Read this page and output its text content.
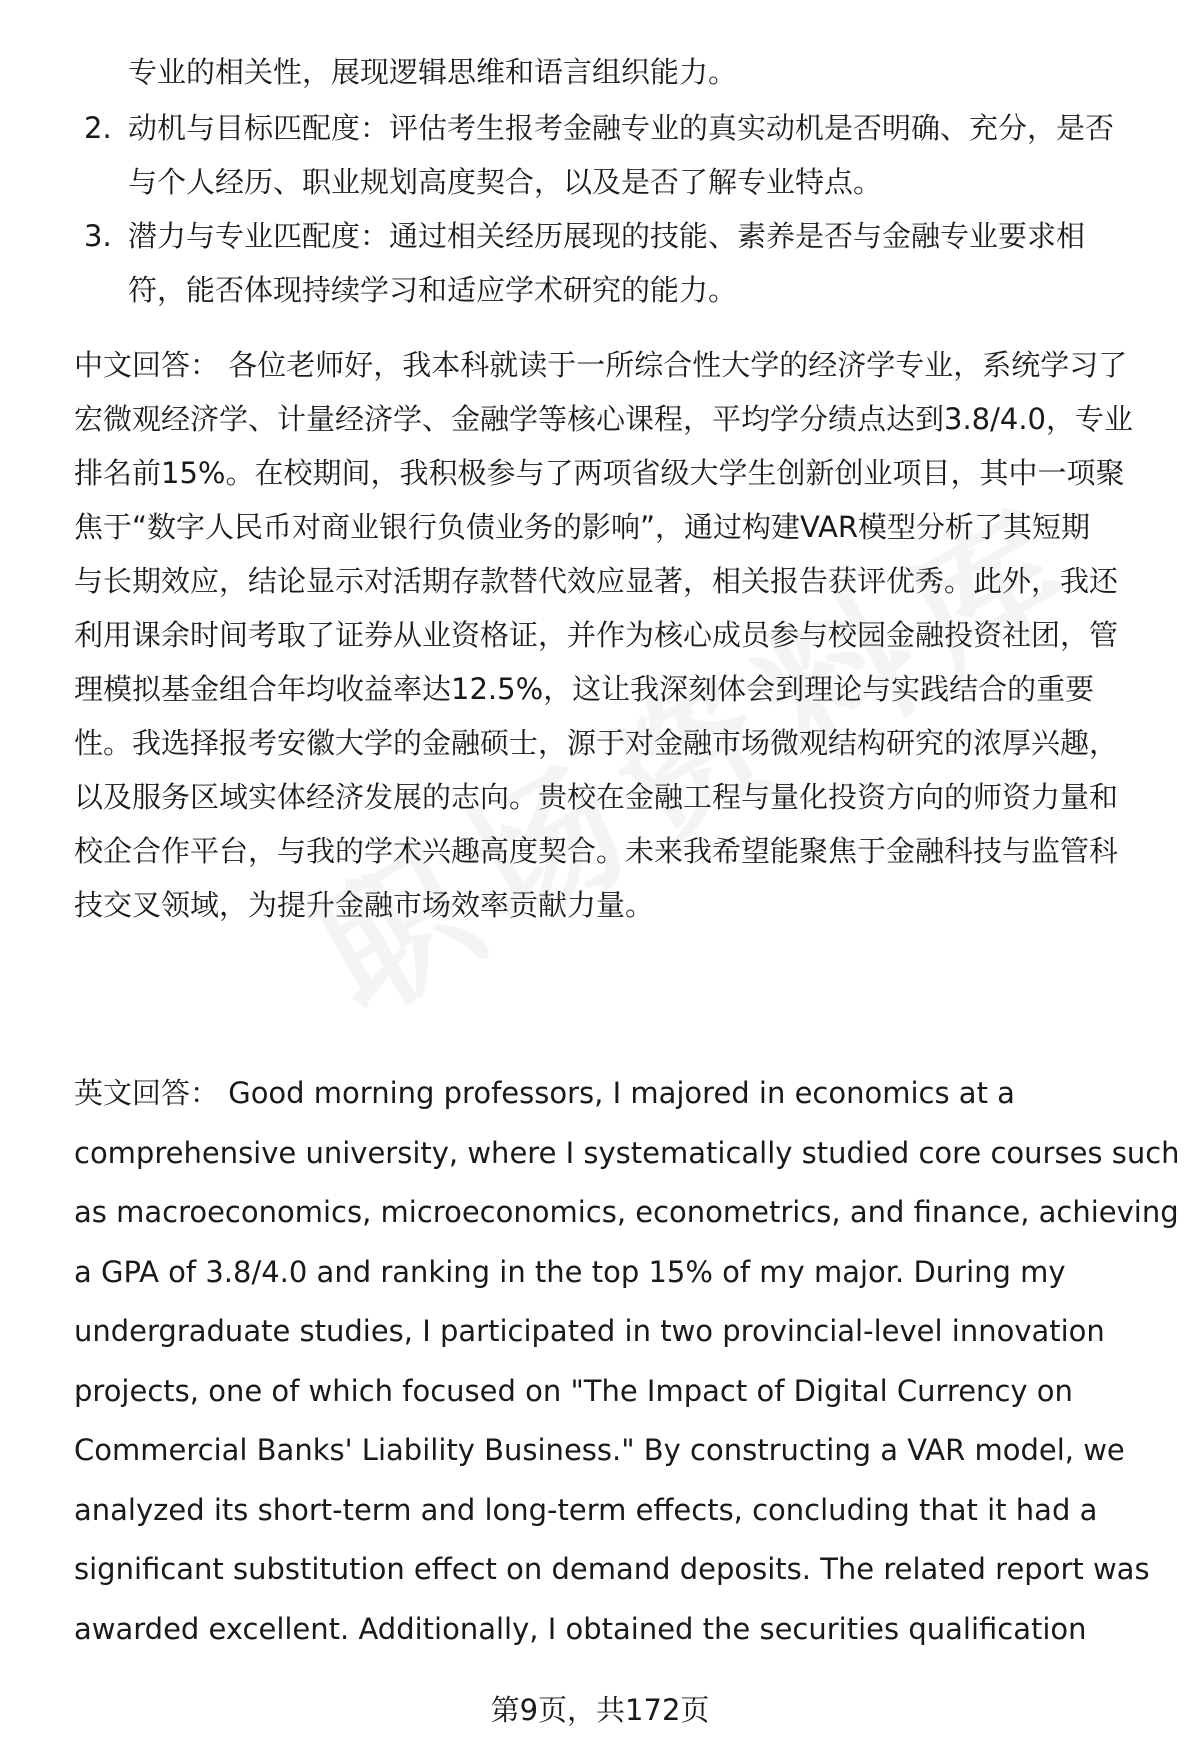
专业的相关性，展现逻辑思维和语言组织能力。
2. 动机与目标匹配度：评估考生报考金融专业的真实动机是否明确、充分，是否
与个人经历、职业规划高度契合，以及是否了解专业特点。
3. 潜力与专业匹配度：通过相关经历展现的技能、素养是否与金融专业要求相
符，能否体现持续学习和适应学术研究的能力。
中文回答： 各位老师好，我本科就读于一所综合性大学的经济学专业，系统学习了
宏微观经济学、计量经济学、金融学等核心课程，平均学分绩点达到3.8/4.0，专业
排名前15%。在校期间，我积极参与了两项省级大学生创新创业项目，其中一项聚
焦于“数字人民币对商业银行负债业务的影响”，通过构建VAR模型分析了其短期
与长期效应，结论显示对活期存款替代效应显著，相关报告获评优秀。此外，我还
利用课余时间考取了证券从业资格证，并作为核心成员参与校园金融投资社团，管
理模拟基金组合年均收益率达12.5%，这让我深刻体会到理论与实践结合的重要
性。我选择报考安徽大学的金融硕士，源于对金融市场微观结构研究的浓厚兴趣，
以及服务区域实体经济发展的志向。贵校在金融工程与量化投资方向的师资力量和
校企合作平台，与我的学术兴趣高度契合。未来我希望能聚焦于金融科技与监管科
技交叉领域，为提升金融市场效率贡献力量。
英文回答： Good morning professors, I majored in economics at a
comprehensive university, where I systematically studied core courses such
as macroeconomics, microeconomics, econometrics, and finance, achieving
a GPA of 3.8/4.0 and ranking in the top 15% of my major. During my
undergraduate studies, I participated in two provincial-level innovation
projects, one of which focused on "The Impact of Digital Currency on
Commercial Banks' Liability Business." By constructing a VAR model, we
analyzed its short-term and long-term effects, concluding that it had a
significant substitution effect on demand deposits. The related report was
awarded excellent. Additionally, I obtained the securities qualification
第9页，共172页
